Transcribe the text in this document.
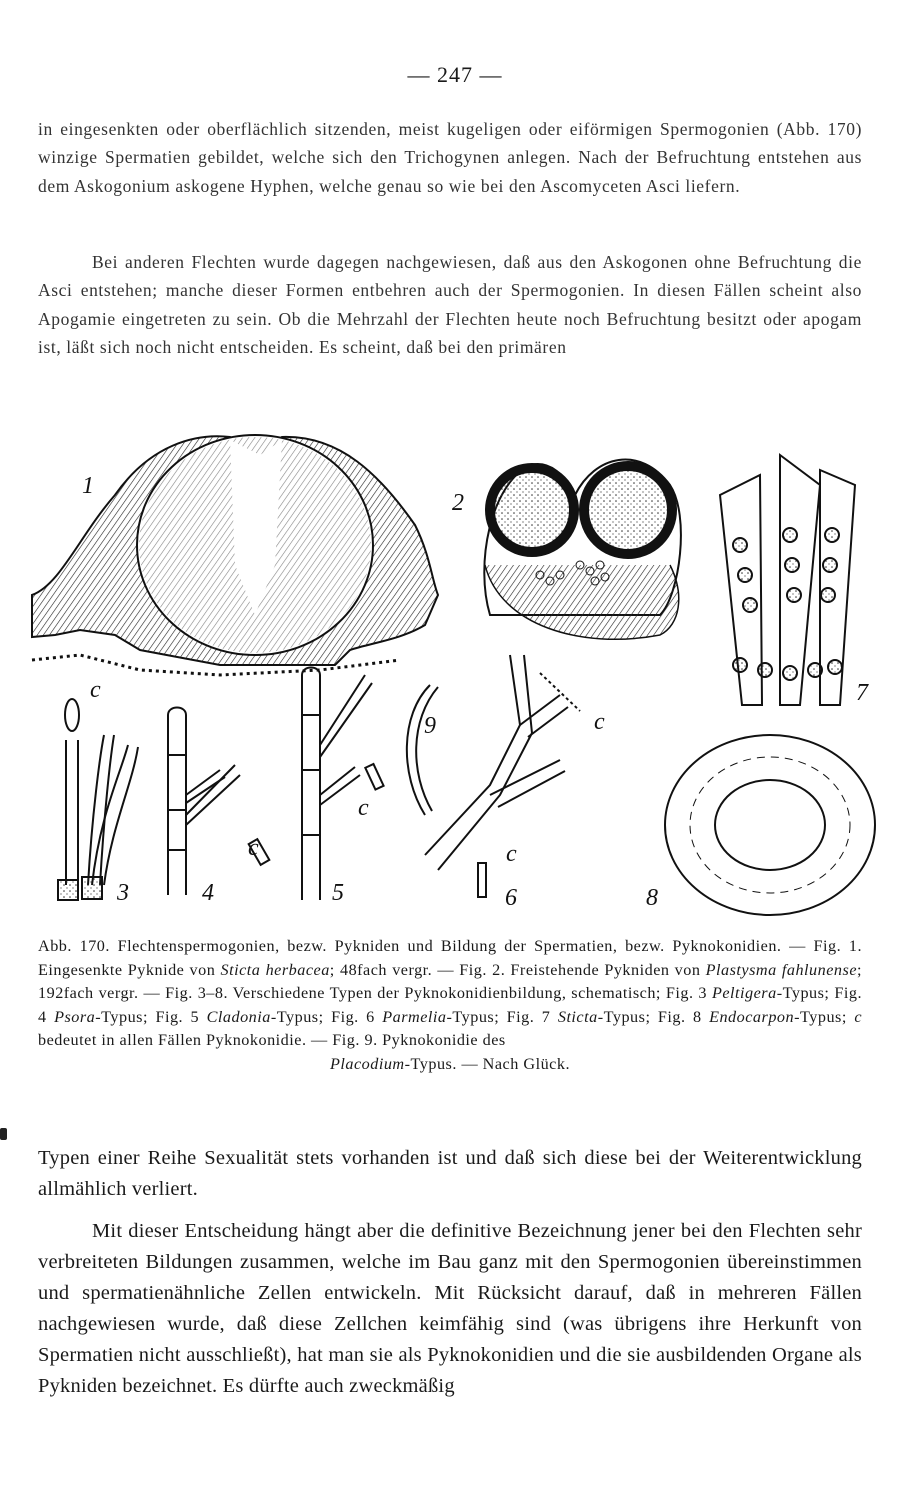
— 247 —

in eingesenkten oder oberflächlich sitzenden, meist kugeligen oder eiförmigen Spermogonien (Abb. 170) winzige Spermatien gebildet, welche sich den Trichogynen anlegen. Nach der Befruchtung entstehen aus dem Askogonium askogene Hyphen, welche genau so wie bei den Ascomyceten Asci liefern.

Bei anderen Flechten wurde dagegen nachgewiesen, daß aus den Askogonen ohne Befruchtung die Asci entstehen; manche dieser Formen entbehren auch der Spermogonien. In diesen Fällen scheint also Apogamie eingetreten zu sein. Ob die Mehrzahl der Flechten heute noch Befruchtung besitzt oder apogam ist, läßt sich noch nicht entscheiden. Es scheint, daß bei den primären

1
2
3	4	5	6
7
8
9
c
c
c
c
c
Abb. 170. Flechtenspermogonien, bezw. Pykniden und Bildung der Spermatien, bezw. Pyknokonidien. — Fig. 1. Eingesenkte Pyknide von Sticta herbacea; 48fach vergr. — Fig. 2. Freistehende Pykniden von Plastysma fahlunense; 192fach vergr. — Fig. 3–8. Verschiedene Typen der Pyknokonidienbildung, schematisch; Fig. 3 Peltigera-Typus; Fig. 4 Psora-Typus; Fig. 5 Cladonia-Typus; Fig. 6 Parmelia-Typus; Fig. 7 Sticta-Typus; Fig. 8 Endocarpon-Typus; c bedeutet in allen Fällen Pyknokonidie. — Fig. 9. Pyknokonidie des
Placodium-Typus. — Nach Glück.

Typen einer Reihe Sexualität stets vorhanden ist und daß sich diese bei der Weiterentwicklung allmählich verliert.

Mit dieser Entscheidung hängt aber die definitive Bezeichnung jener bei den Flechten sehr verbreiteten Bildungen zusammen, welche im Bau ganz mit den Spermogonien übereinstimmen und spermatienähnliche Zellen entwickeln. Mit Rücksicht darauf, daß in mehreren Fällen nachgewiesen wurde, daß diese Zellchen keimfähig sind (was übrigens ihre Herkunft von Spermatien nicht ausschließt), hat man sie als Pyknokonidien und die sie ausbildenden Organe als Pykniden bezeichnet. Es dürfte auch zweckmäßig
